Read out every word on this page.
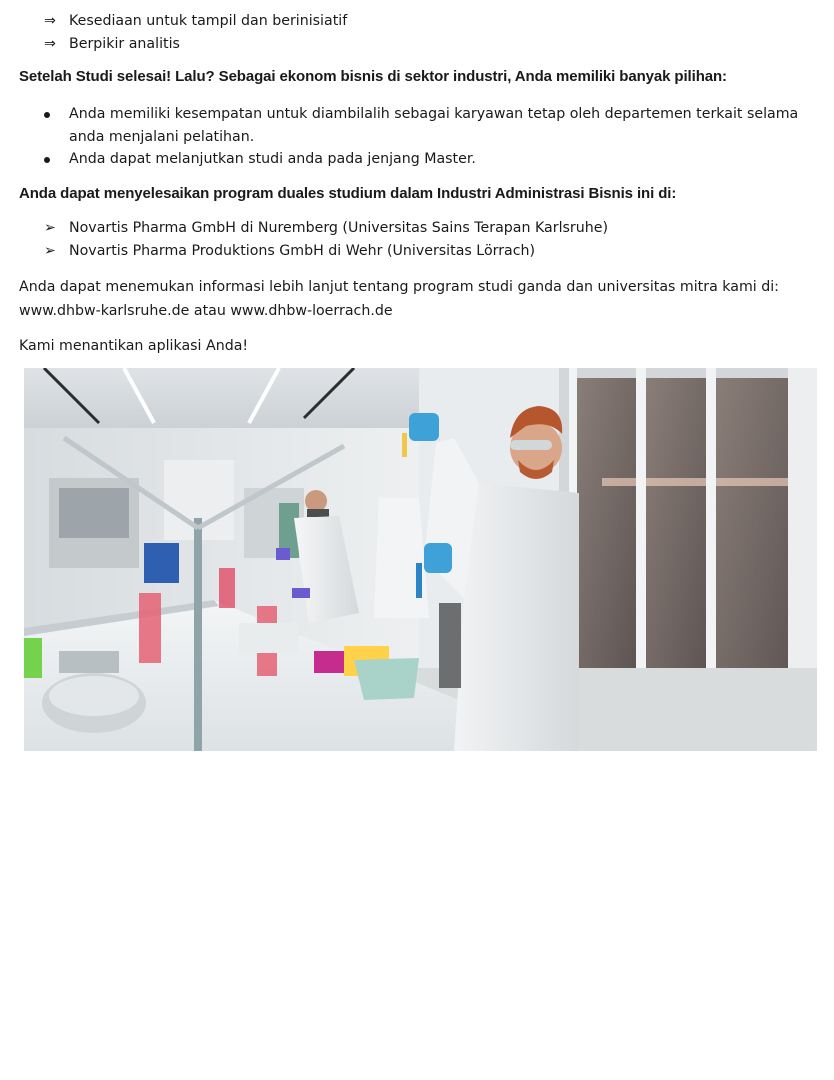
⇒ Kesediaan untuk tampil dan berinisiatif
⇒ Berpikir analitis
Setelah Studi selesai! Lalu? Sebagai ekonom bisnis di sektor industri, Anda memiliki banyak pilihan:
Anda memiliki kesempatan untuk diambilalih sebagai karyawan tetap oleh departemen terkait selama anda menjalani pelatihan.
Anda dapat melanjutkan studi anda pada jenjang Master.
Anda dapat menyelesaikan program duales studium dalam Industri Administrasi Bisnis ini di:
➢ Novartis Pharma GmbH di Nuremberg (Universitas Sains Terapan Karlsruhe)
➢ Novartis Pharma Produktions GmbH di Wehr (Universitas Lörrach)
Anda dapat menemukan informasi lebih lanjut tentang program studi ganda dan universitas mitra kami di: www.dhbw-karlsruhe.de atau www.dhbw-loerrach.de
Kami menantikan aplikasi Anda!
